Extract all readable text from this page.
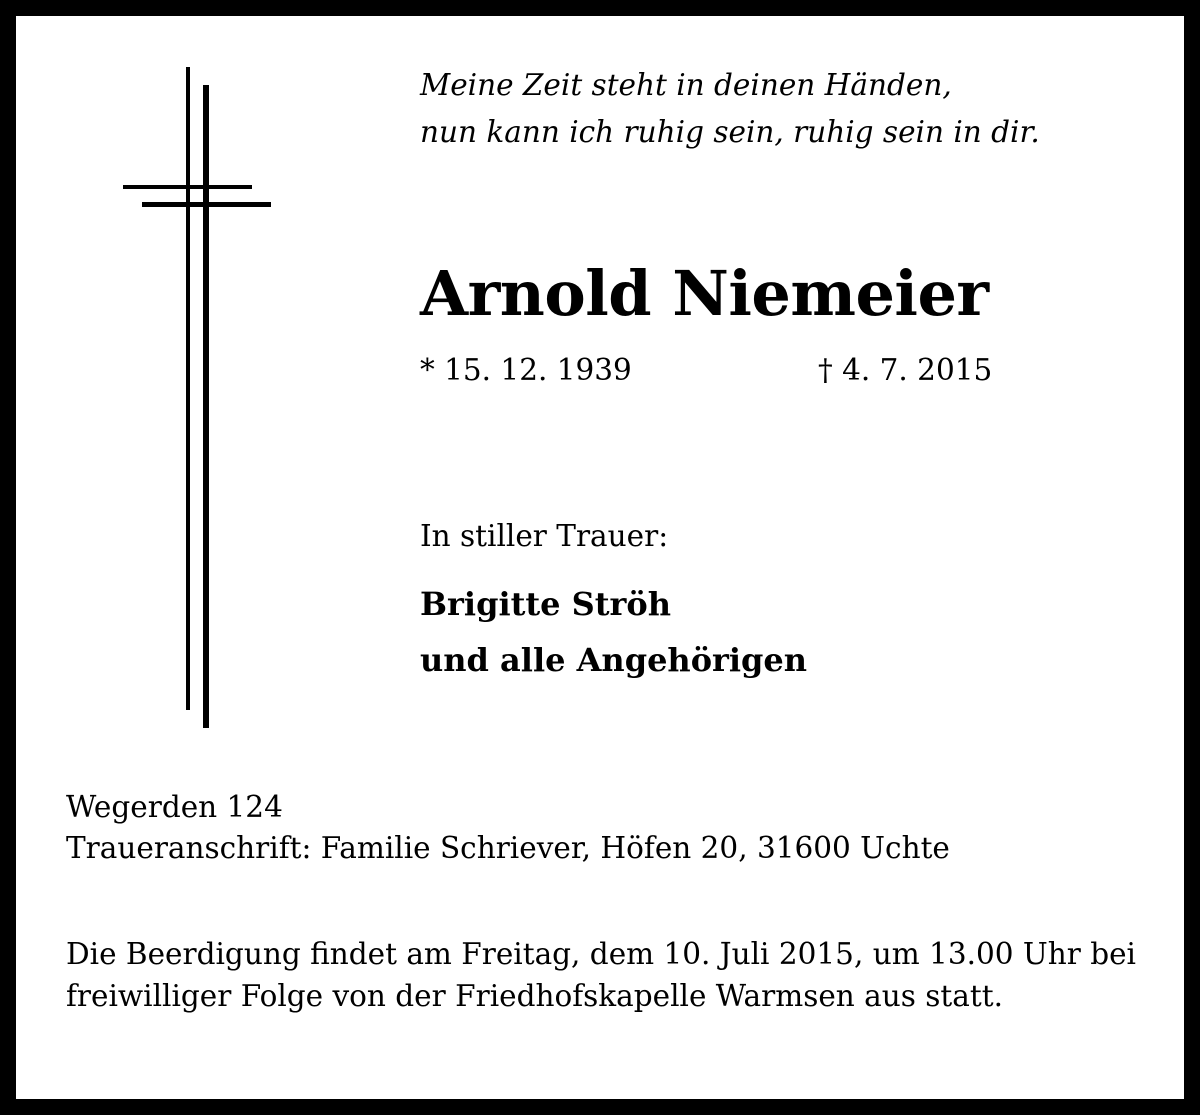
Meine Zeit steht in deinen Händen,
nun kann ich ruhig sein, ruhig sein in dir.
Arnold Niemeier
* 15. 12. 1939	† 4. 7. 2015
In stiller Trauer:
Brigitte Ströh
und alle Angehörigen
Wegerden 124
Traueranschrift: Familie Schriever, Höfen 20, 31600 Uchte
Die Beerdigung findet am Freitag, dem 10. Juli 2015, um 13.00 Uhr bei freiwilliger Folge von der Friedhofskapelle Warmsen aus statt.
